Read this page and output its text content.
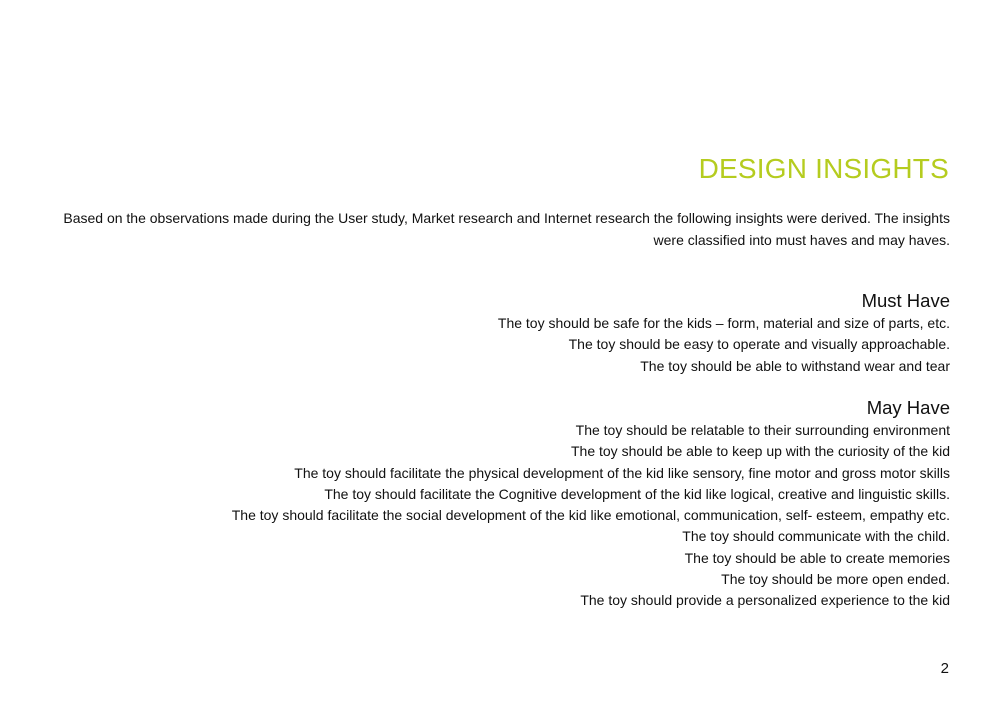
DESIGN INSIGHTS
Based on the observations made during the User study, Market research and Internet research the following insights were derived. The insights were classified into must haves and may haves.
Must Have
The toy should be safe for the kids – form, material and size of parts, etc.
The toy should be easy to operate and visually approachable.
The toy should be able to withstand wear and tear
May Have
The toy should be relatable to their surrounding environment
The toy should be able to keep up with the curiosity of the kid
The toy should facilitate the physical development of the kid like sensory, fine motor and gross motor skills
The toy should facilitate the Cognitive development of the kid like logical, creative and linguistic skills.
The toy should facilitate the social development of the kid like emotional, communication, self- esteem, empathy etc.
The toy should communicate with the child.
The toy should be able to create memories
The toy should be more open ended.
The toy should provide a personalized experience to the kid
2
